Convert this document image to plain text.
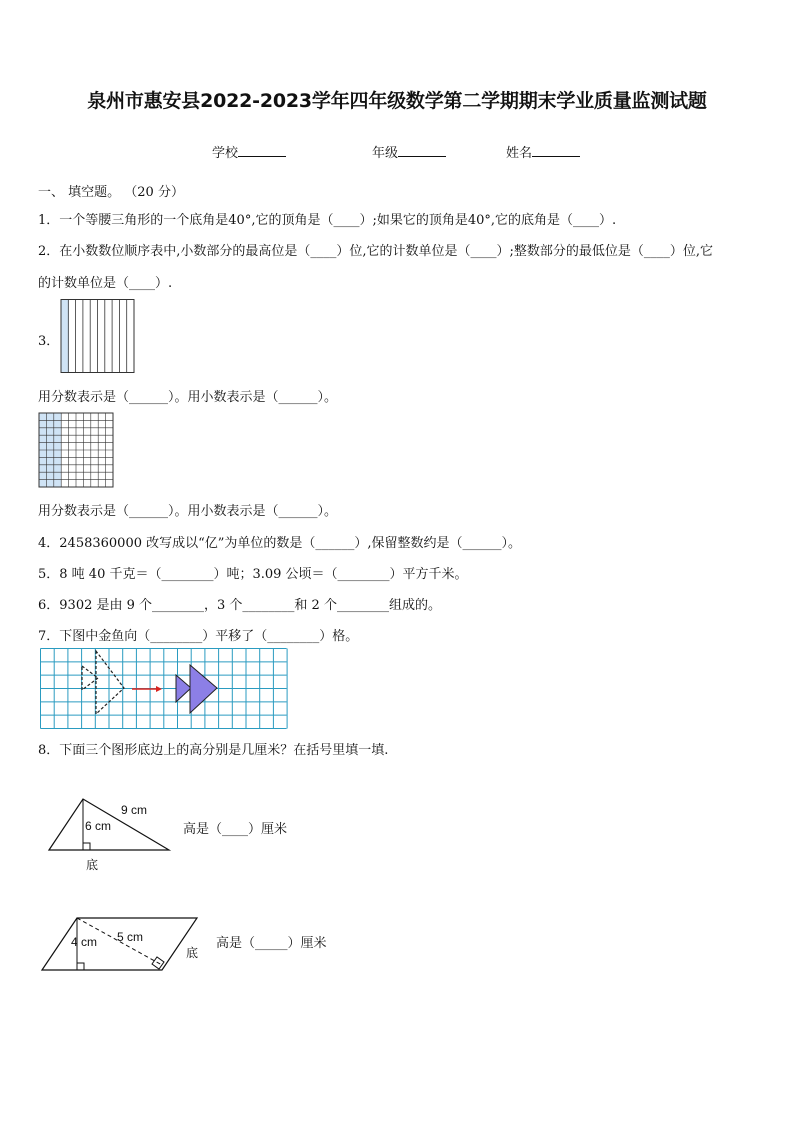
泉州市惠安县2022-2023学年四年级数学第二学期期末学业质量监测试题
学校	年级	姓名
一、 填空题。 （20 分）
1．一个等腰三角形的一个底角是40°,它的顶角是（____）;如果它的顶角是40°,它的底角是（____）.
2．在小数数位顺序表中,小数部分的最高位是（____）位,它的计数单位是（____）;整数部分的最低位是（____）位,它
的计数单位是（____）.
3．
用分数表示是（______）。用小数表示是（______）。
用分数表示是（______）。用小数表示是（______）。
4．2458360000 改写成以“亿”为单位的数是（______）,保留整数约是（______）。
5．8 吨 40 千克＝（________）吨；3.09 公顷＝（________）平方千米。
6．9302 是由 9 个________，3 个________和 2 个________组成的。
7．下图中金鱼向（________）平移了（________）格。
8．下面三个图形底边上的高分别是几厘米？在括号里填一填.
9 cm
6 cm
底
高是（____）厘米
5 cm
4 cm
底
高是（_____）厘米
